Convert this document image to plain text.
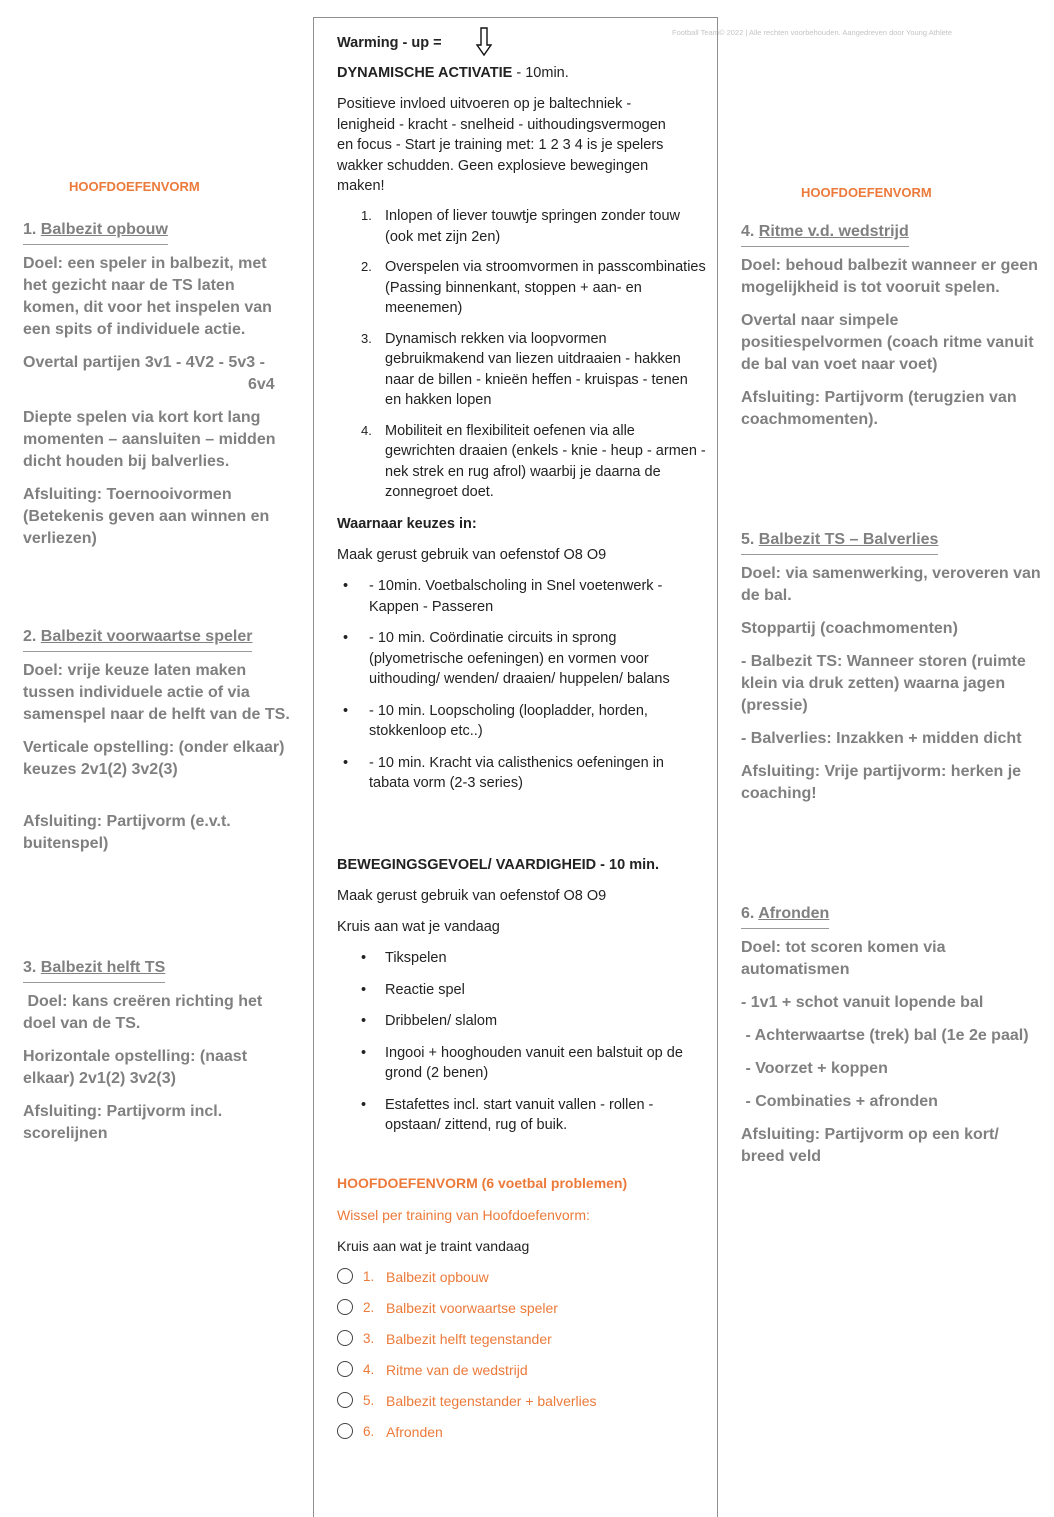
Football Team© 2022 | Alle rechten voorbehouden. Aangedreven door Young Athlete
HOOFDOEFENVORM
1. Balbezit opbouw

Doel: een speler in balbezit, met het gezicht naar de TS laten komen, dit voor het inspelen van een spits of individuele actie.

Overtal partijen 3v1 - 4V2 - 5v3 -

6v4

Diepte spelen via kort kort lang momenten – aansluiten – midden dicht houden bij balverlies.

Afsluiting: Toernooivormen (Betekenis geven aan winnen en verliezen)

2. Balbezit voorwaartse speler

Doel: vrije keuze laten maken tussen individuele actie of via samenspel naar de helft van de TS.

Verticale opstelling: (onder elkaar) keuzes 2v1(2) 3v2(3)

Afsluiting: Partijvorm (e.v.t. buitenspel)

3. Balbezit helft TS

Doel: kans creëren richting het doel van de TS.

Horizontale opstelling: (naast elkaar) 2v1(2) 3v2(3)

Afsluiting: Partijvorm incl. scorelijnen

Warming - up =
DYNAMISCHE ACTIVATIE - 10min.
Positieve invloed uitvoeren op je baltechniek - lenigheid - kracht - snelheid - uithoudingsvermogen en focus - Start je training met: 1 2 3 4 is je spelers wakker schudden. Geen explosieve bewegingen maken!
1. Inlopen of liever touwtje springen zonder touw (ook met zijn 2en)
2. Overspelen via stroomvormen in passcombinaties (Passing binnenkant, stoppen + aan- en meenemen)
3. Dynamisch rekken via loopvormen gebruikmakend van liezen uitdraaien - hakken naar de billen - knieën heffen - kruispas - tenen en hakken lopen
4. Mobiliteit en flexibiliteit oefenen via alle gewrichten draaien (enkels - knie - heup - armen - nek strek en rug afrol) waarbij je daarna de zonnegroet doet.
Waarnaar keuzes in:
Maak gerust gebruik van oefenstof O8 O9
• - 10min. Voetbalscholing in Snel voetenwerk - Kappen - Passeren
• - 10 min. Coördinatie circuits in sprong (plyometrische oefeningen) en vormen voor uithouding/ wenden/ draaien/ huppelen/ balans
• - 10 min. Loopscholing (loopladder, horden, stokkenloop etc..)
• - 10 min. Kracht via calisthenics oefeningen in tabata vorm (2-3 series)
BEWEGINGSGEVOEL/ VAARDIGHEID - 10 min.
Maak gerust gebruik van oefenstof O8 O9
Kruis aan wat je vandaag
• Tikspelen
• Reactie spel
• Dribbelen/ slalom
• Ingooi + hooghouden vanuit een balstuit op de grond (2 benen)
• Estafettes incl. start vanuit vallen - rollen - opstaan/ zittend, rug of buik.
HOOFDOEFENVORM (6 voetbal problemen)
Wissel per training van Hoofdoefenvorm:
Kruis aan wat je traint vandaag
1. Balbezit opbouw
2. Balbezit voorwaartse speler
3. Balbezit helft tegenstander
4. Ritme van de wedstrijd
5. Balbezit tegenstander + balverlies
6. Afronden
HOOFDOEFENVORM
4. Ritme v.d. wedstrijd

Doel: behoud balbezit wanneer er geen mogelijkheid is tot vooruit spelen.

Overtal naar simpele positiespelvormen (coach ritme vanuit de bal van voet naar voet)

Afsluiting: Partijvorm (terugzien van coachmomenten).

5. Balbezit TS – Balverlies

Doel: via samenwerking, veroveren van de bal.

Stoppartij (coachmomenten)

- Balbezit TS: Wanneer storen (ruimte klein via druk zetten) waarna jagen (pressie)

- Balverlies: Inzakken + midden dicht

Afsluiting: Vrije partijvorm: herken je coaching!

6. Afronden

Doel: tot scoren komen via automatismen

- 1v1 + schot vanuit lopende bal

- Achterwaartse (trek) bal (1e 2e paal)

- Voorzet + koppen

- Combinaties + afronden

Afsluiting: Partijvorm op een kort/ breed veld
